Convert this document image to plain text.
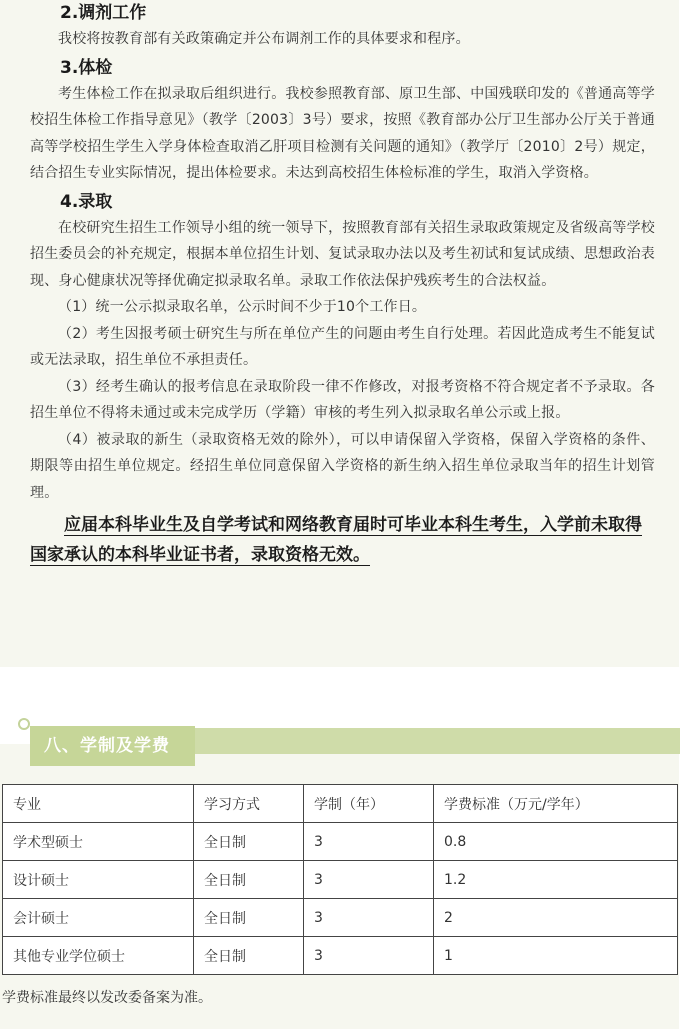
2.调剂工作

我校将按教育部有关政策确定并公布调剂工作的具体要求和程序。

3.体检

考生体检工作在拟录取后组织进行。我校参照教育部、原卫生部、中国残联印发的《普通高等学校招生体检工作指导意见》（教学〔2003〕3号）要求，按照《教育部办公厅卫生部办公厅关于普通高等学校招生学生入学身体检查取消乙肝项目检测有关问题的通知》（教学厅〔2010〕2号）规定，结合招生专业实际情况，提出体检要求。未达到高校招生体检标准的学生，取消入学资格。

4.录取

在校研究生招生工作领导小组的统一领导下，按照教育部有关招生录取政策规定及省级高等学校招生委员会的补充规定，根据本单位招生计划、复试录取办法以及考生初试和复试成绩、思想政治表现、身心健康状况等择优确定拟录取名单。录取工作依法保护残疾考生的合法权益。

（1）统一公示拟录取名单，公示时间不少于10个工作日。

（2）考生因报考硕士研究生与所在单位产生的问题由考生自行处理。若因此造成考生不能复试或无法录取，招生单位不承担责任。

（3）经考生确认的报考信息在录取阶段一律不作修改，对报考资格不符合规定者不予录取。各招生单位不得将未通过或未完成学历（学籍）审核的考生列入拟录取名单公示或上报。

（4）被录取的新生（录取资格无效的除外），可以申请保留入学资格，保留入学资格的条件、期限等由招生单位规定。经招生单位同意保留入学资格的新生纳入招生单位录取当年的招生计划管理。

应届本科毕业生及自学考试和网络教育届时可毕业本科生考生，入学前未取得国家承认的本科毕业证书者，录取资格无效。

八、学制及学费
专业	学习方式	学制（年）	学费标准（万元/学年）
学术型硕士	全日制	3	0.8
设计硕士	全日制	3	1.2
会计硕士	全日制	3	2
其他专业学位硕士	全日制	3	1
学费标准最终以发改委备案为准。
